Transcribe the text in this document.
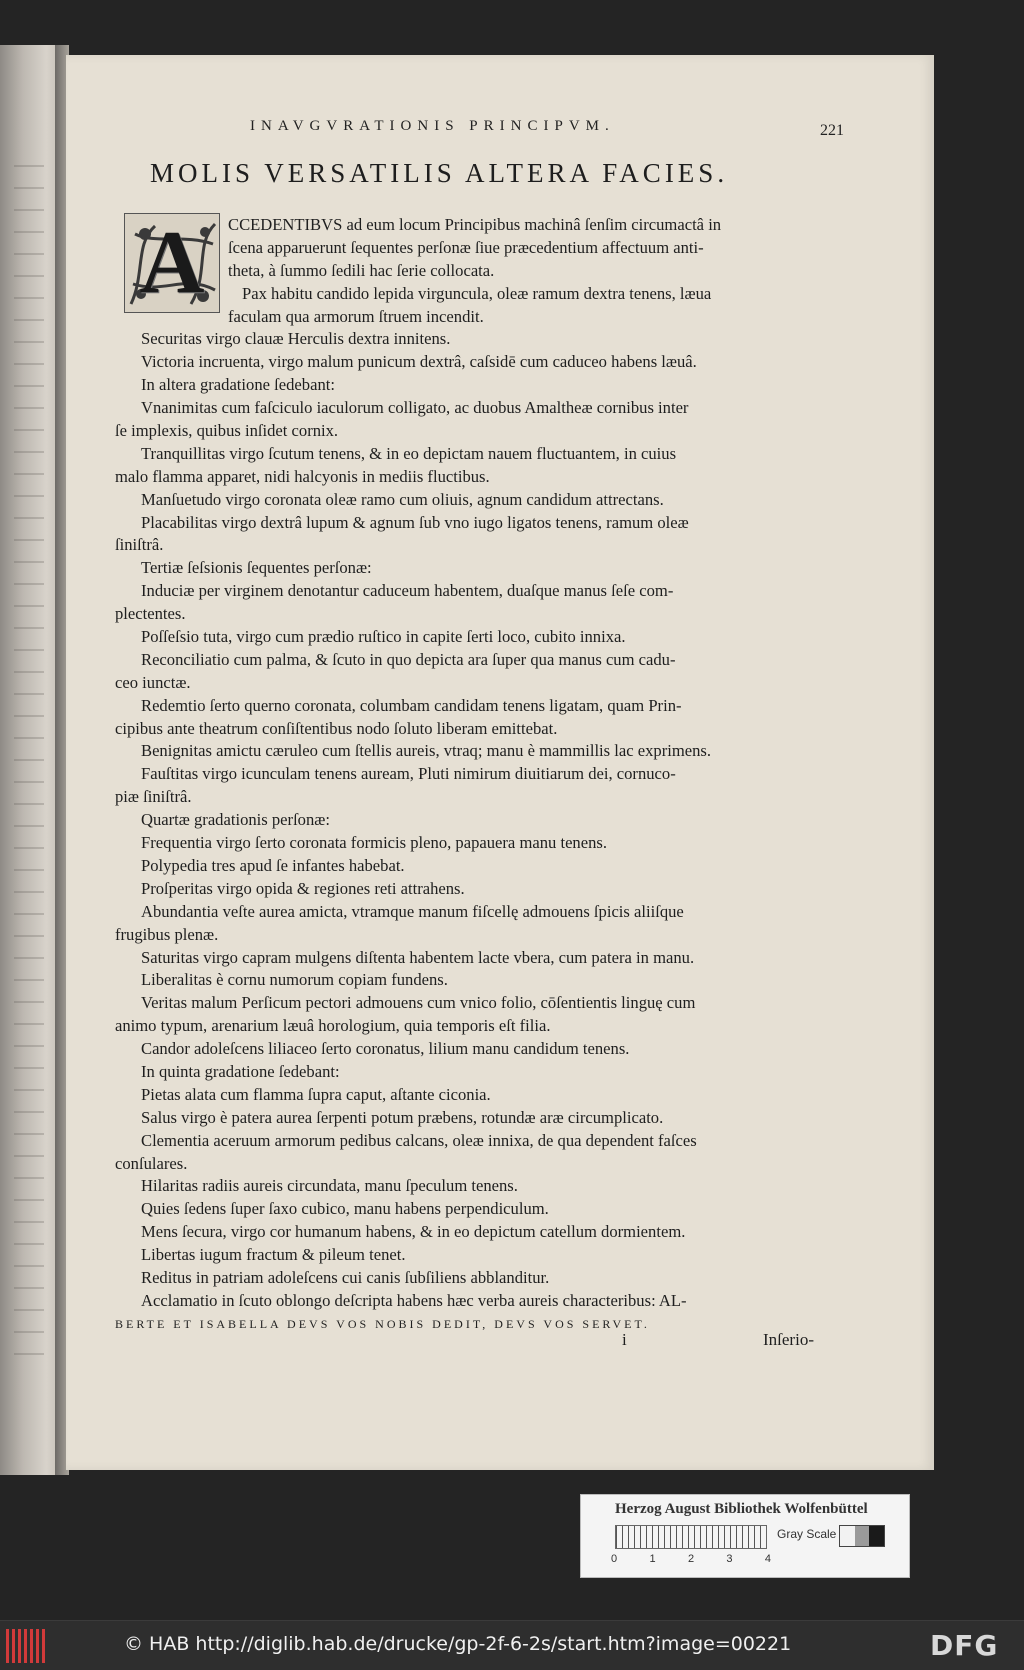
INAVGVRATIONIS PRINCIPVM.	221
MOLIS VERSATILIS ALTERA FACIES.
A	CCEDENTIBVS ad eum locum Principibus machinâ ſenſim circumactâ in
ſcena apparuerunt ſequentes perſonæ ſiue præcedentium affectuum anti-
theta, à ſummo ſedili hac ſerie collocata.
Pax habitu candido lepida virguncula, oleæ ramum dextra tenens, læua
faculam qua armorum ſtruem incendit.
Securitas virgo clauæ Herculis dextra innitens.
Victoria incruenta, virgo malum punicum dextrâ, caſsidē cum caduceo habens læuâ.
In altera gradatione ſedebant:
Vnanimitas cum faſciculo iaculorum colligato, ac duobus Amaltheæ cornibus inter
ſe implexis, quibus inſidet cornix.
Tranquillitas virgo ſcutum tenens, & in eo depictam nauem fluctuantem, in cuius
malo flamma apparet, nidi halcyonis in mediis fluctibus.
Manſuetudo virgo coronata oleæ ramo cum oliuis, agnum candidum attrectans.
Placabilitas virgo dextrâ lupum & agnum ſub vno iugo ligatos tenens, ramum oleæ
ſiniſtrâ.
Tertiæ ſeſsionis ſequentes perſonæ:
Induciæ per virginem denotantur caduceum habentem, duaſque manus ſeſe com-
plectentes.
Poſſeſsio tuta, virgo cum prædio ruſtico in capite ſerti loco, cubito innixa.
Reconciliatio cum palma, & ſcuto in quo depicta ara ſuper qua manus cum cadu-
ceo iunctæ.
Redemtio ſerto querno coronata, columbam candidam tenens ligatam, quam Prin-
cipibus ante theatrum conſiſtentibus nodo ſoluto liberam emittebat.
Benignitas amictu cæruleo cum ſtellis aureis, vtraq; manu è mammillis lac exprimens.
Fauſtitas virgo icunculam tenens auream, Pluti nimirum diuitiarum dei, cornuco-
piæ ſiniſtrâ.
Quartæ gradationis perſonæ:
Frequentia virgo ſerto coronata formicis pleno, papauera manu tenens.
Polypedia tres apud ſe infantes habebat.
Proſperitas virgo opida & regiones reti attrahens.
Abundantia veſte aurea amicta, vtramque manum fiſcellę admouens ſpicis aliiſque
frugibus plenæ.
Saturitas virgo capram mulgens diſtenta habentem lacte vbera, cum patera in manu.
Liberalitas è cornu numorum copiam fundens.
Veritas malum Perſicum pectori admouens cum vnico folio, cōſentientis linguę cum
animo typum, arenarium læuâ horologium, quia temporis eſt filia.
Candor adoleſcens liliaceo ſerto coronatus, lilium manu candidum tenens.
In quinta gradatione ſedebant:
Pietas alata cum flamma ſupra caput, aſtante ciconia.
Salus virgo è patera aurea ſerpenti potum præbens, rotundæ aræ circumplicato.
Clementia aceruum armorum pedibus calcans, oleæ innixa, de qua dependent faſces
conſulares.
Hilaritas radiis aureis circundata, manu ſpeculum tenens.
Quies ſedens ſuper ſaxo cubico, manu habens perpendiculum.
Mens ſecura, virgo cor humanum habens, & in eo depictum catellum dormientem.
Libertas iugum fractum & pileum tenet.
Reditus in patriam adoleſcens cui canis ſubſiliens abblanditur.
Acclamatio in ſcuto oblongo deſcripta habens hæc verba aureis characteribus: AL-
BERTE ET ISABELLA DEVS VOS NOBIS DEDIT, DEVS VOS SERVET.
i	Inſerio-
Herzog August Bibliothek Wolfenbüttel
0	1	2	3	4
Gray Scale
© HAB http://diglib.hab.de/drucke/gp-2f-6-2s/start.htm?image=00221	DFG
